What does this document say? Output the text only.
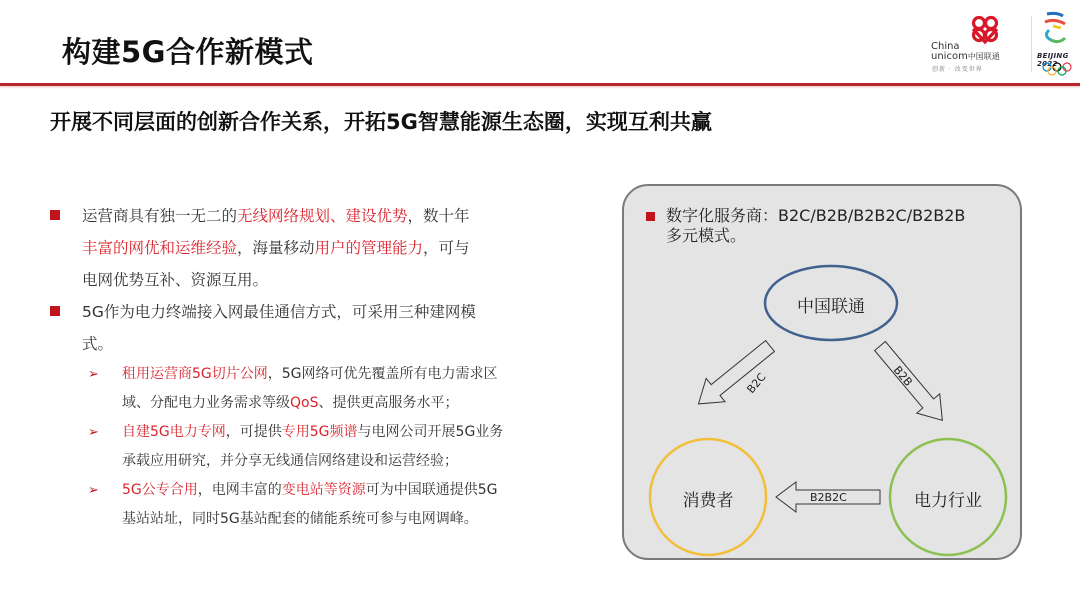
构建5G合作新模式	China
unicom中国联通
创新 · 改变世界
BEIJING 2022
开展不同层面的创新合作关系，开拓5G智慧能源生态圈，实现互利共赢
运营商具有独一无二的无线网络规划、建设优势，数十年
丰富的网优和运维经验，海量移动用户的管理能力，可与
电网优势互补、资源互用。
5G作为电力终端接入网最佳通信方式，可采用三种建网模
式。
➢ 租用运营商5G切片公网，5G网络可优先覆盖所有电力需求区
域、分配电力业务需求等级QoS、提供更高服务水平；
➢ 自建5G电力专网，可提供专用5G频谱与电网公司开展5G业务
承载应用研究，并分享无线通信网络建设和运营经验；
➢ 5G公专合用，电网丰富的变电站等资源可为中国联通提供5G
基站站址，同时5G基站配套的储能系统可参与电网调峰。
数字化服务商：B2C/B2B/B2B2C/B2B2B
多元模式。
B2C	B2B
B2B2C
中国联通
消费者	电力行业
